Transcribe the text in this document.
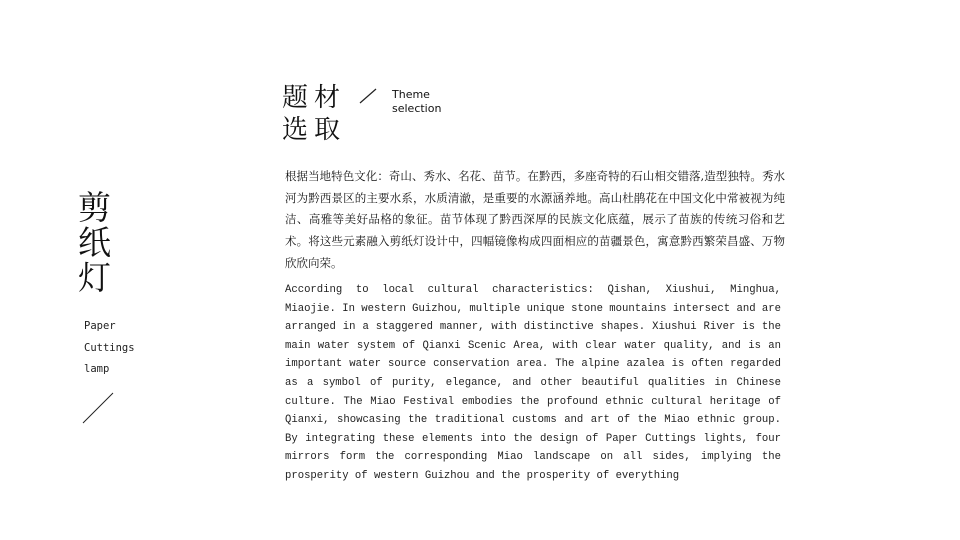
剪
纸
灯
Paper
Cuttings
lamp
题材
选取
Theme
selection

根据当地特色文化：奇山、秀水、名花、苗节。在黔西，多座奇特的石山相交错落,造型独特。秀水河为黔西景区的主要水系，水质清澈，是重要的水源涵养地。高山杜鹃花在中国文化中常被视为纯洁、高雅等美好品格的象征。苗节体现了黔西深厚的民族文化底蕴，展示了苗族的传统习俗和艺术。将这些元素融入剪纸灯设计中，四幅镜像构成四面相应的苗疆景色，寓意黔西繁荣昌盛、万物欣欣向荣。

According to local cultural characteristics: Qishan, Xiushui, Minghua, Miaojie. In western Guizhou, multiple unique stone mountains intersect and are arranged in a staggered manner, with distinctive shapes. Xiushui River is the main water system of Qianxi Scenic Area, with clear water quality, and is an important water source conservation area. The alpine azalea is often regarded as a symbol of purity, elegance, and other beautiful qualities in Chinese culture. The Miao Festival embodies the profound ethnic cultural heritage of Qianxi, showcasing the traditional customs and art of the Miao ethnic group. By integrating these elements into the design of Paper Cuttings lights, four mirrors form the corresponding Miao landscape on all sides, implying the prosperity of western Guizhou and the prosperity of everything
